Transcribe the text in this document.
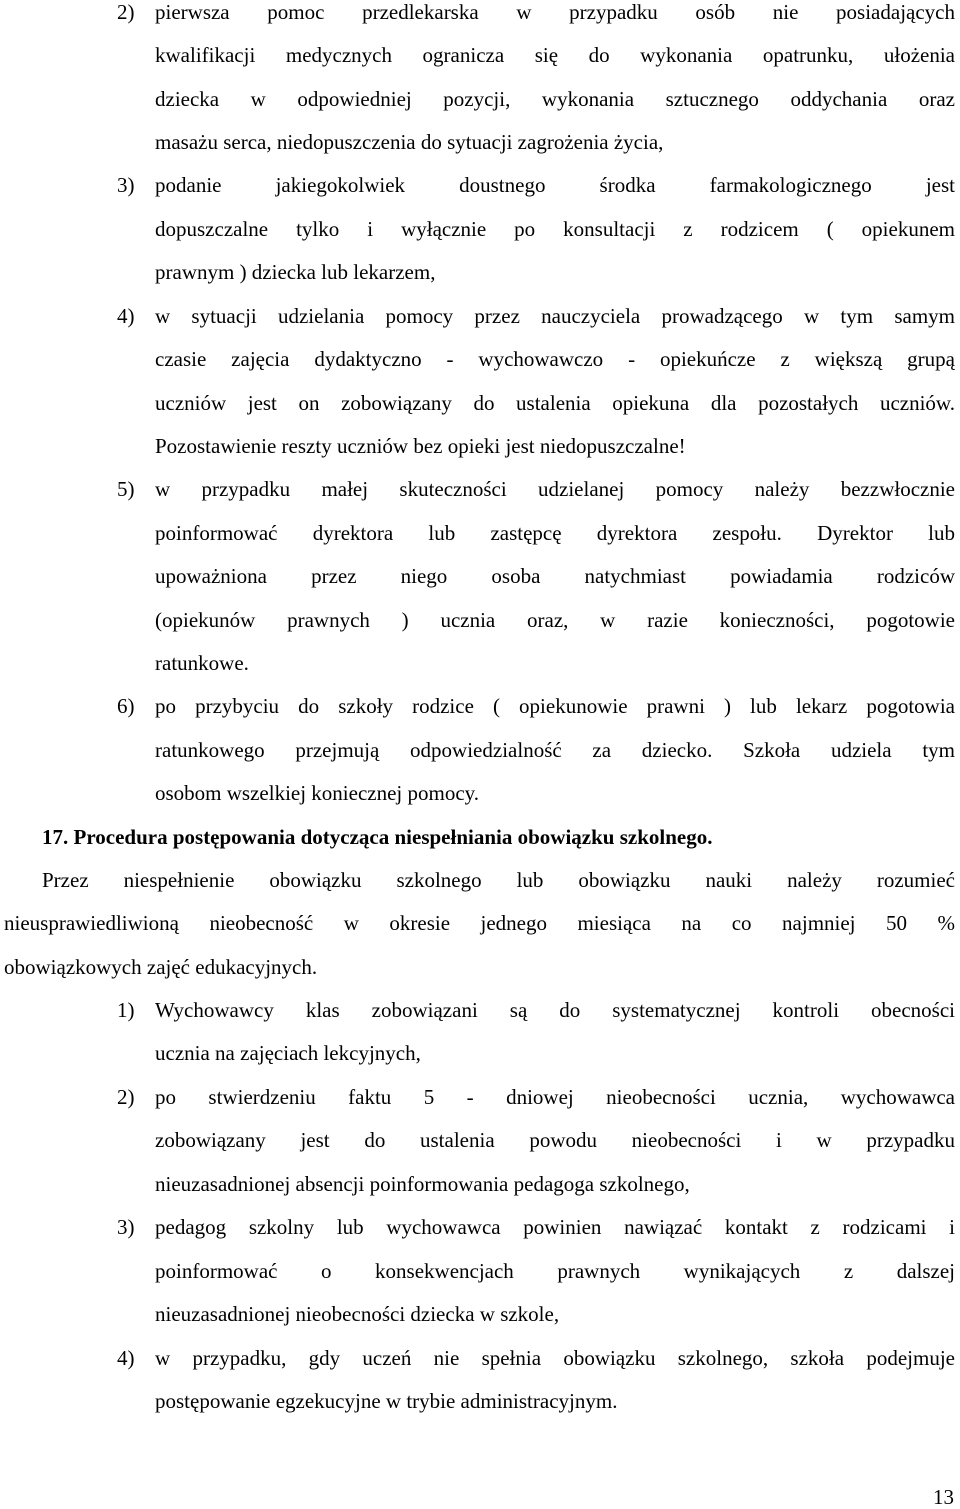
2) pierwsza pomoc przedlekarska w przypadku osób nie posiadających
kwalifikacji medycznych ogranicza się do wykonania opatrunku, ułożenia
dziecka w odpowiedniej pozycji, wykonania sztucznego oddychania oraz
masażu serca, niedopuszczenia do sytuacji zagrożenia życia,
3) podanie jakiegokolwiek doustnego środka farmakologicznego jest
dopuszczalne tylko i wyłącznie po konsultacji z rodzicem ( opiekunem
prawnym ) dziecka lub lekarzem,
4) w sytuacji udzielania pomocy przez nauczyciela prowadzącego w tym samym
czasie zajęcia dydaktyczno - wychowawczo - opiekuńcze z większą grupą
uczniów jest on zobowiązany do ustalenia opiekuna dla pozostałych uczniów.
Pozostawienie reszty uczniów bez opieki jest niedopuszczalne!
5) w przypadku małej skuteczności udzielanej pomocy należy bezzwłocznie
poinformować dyrektora lub zastępcę dyrektora zespołu. Dyrektor lub
upoważniona przez niego osoba natychmiast powiadamia rodziców
(opiekunów prawnych ) ucznia oraz, w razie konieczności, pogotowie
ratunkowe.
6) po przybyciu do szkoły rodzice ( opiekunowie prawni ) lub lekarz pogotowia
ratunkowego przejmują odpowiedzialność za dziecko. Szkoła udziela tym
osobom wszelkiej koniecznej pomocy.
17. Procedura postępowania dotycząca niespełniania obowiązku szkolnego.
Przez niespełnienie obowiązku szkolnego lub obowiązku nauki należy rozumieć
nieusprawiedliwioną nieobecność w okresie jednego miesiąca na co najmniej 50 %
obowiązkowych zajęć edukacyjnych.
1) Wychowawcy klas zobowiązani są do systematycznej kontroli obecności
ucznia na zajęciach lekcyjnych,
2) po stwierdzeniu faktu 5 - dniowej nieobecności ucznia, wychowawca
zobowiązany jest do ustalenia powodu nieobecności i w przypadku
nieuzasadnionej absencji poinformowania pedagoga szkolnego,
3) pedagog szkolny lub wychowawca powinien nawiązać kontakt z rodzicami i
poinformować o konsekwencjach prawnych wynikających z dalszej
nieuzasadnionej nieobecności dziecka w szkole,
4) w przypadku, gdy uczeń nie spełnia obowiązku szkolnego, szkoła podejmuje
postępowanie egzekucyjne w trybie administracyjnym.
13
